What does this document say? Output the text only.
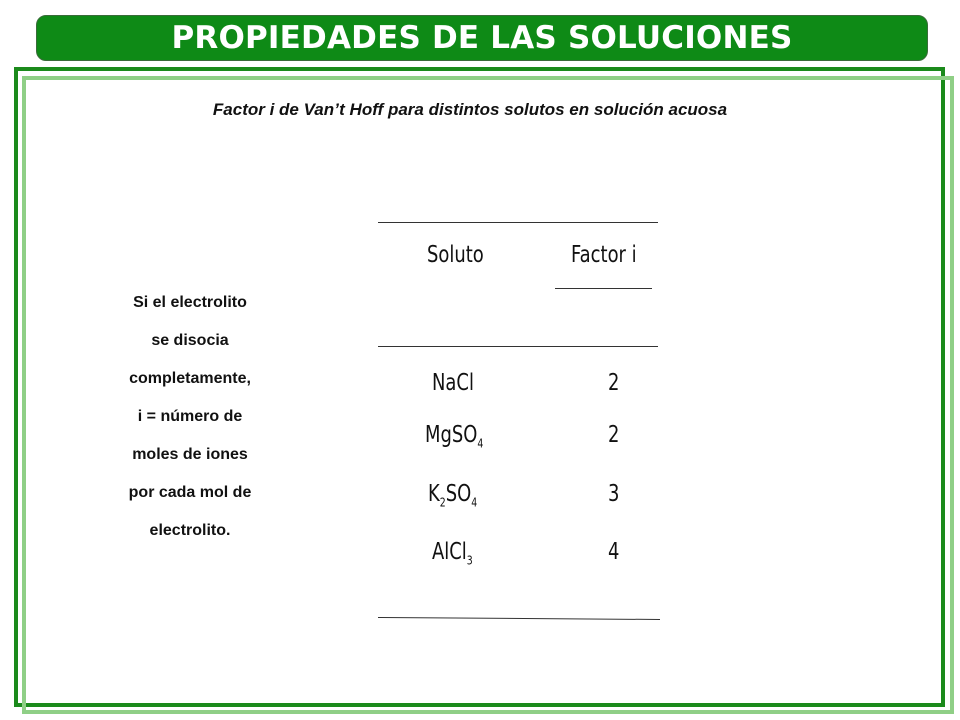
PROPIEDADES DE LAS SOLUCIONES
Factor i de Van’t Hoff para distintos solutos en solución acuosa
Si el electrolito
se disocia
completamente,
i = número de
moles de iones
por cada mol de
electrolito.
Soluto	Factor i
NaCl	2
MgSO$_4$	2
$K_2SO_4$	3
AlCl$_3$	4
